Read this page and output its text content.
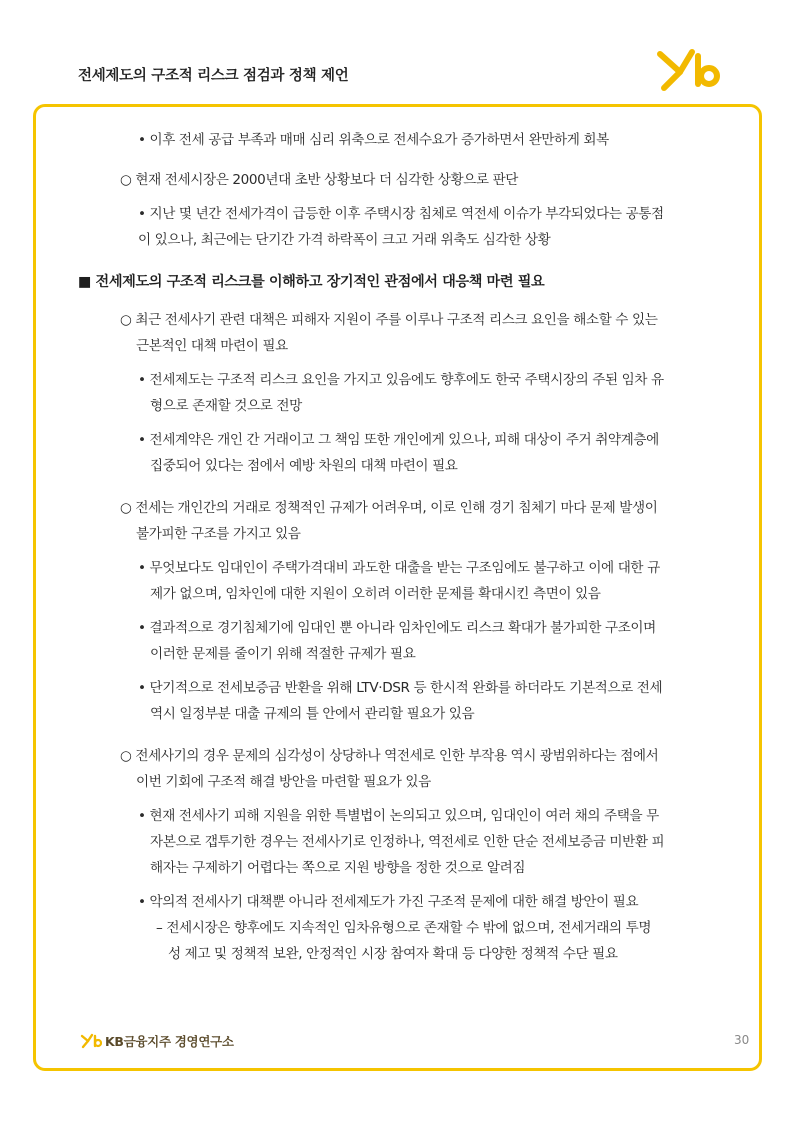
전세제도의 구조적 리스크 점검과 정책 제언
• 이후 전세 공급 부족과 매매 심리 위축으로 전세수요가 증가하면서 완만하게 회복
○ 현재 전세시장은 2000년대 초반 상황보다 더 심각한 상황으로 판단
• 지난 몇 년간 전세가격이 급등한 이후 주택시장 침체로 역전세 이슈가 부각되었다는 공통점
이 있으나, 최근에는 단기간 가격 하락폭이 크고 거래 위축도 심각한 상황
■ 전세제도의 구조적 리스크를 이해하고 장기적인 관점에서 대응책 마련 필요
○ 최근 전세사기 관련 대책은 피해자 지원이 주를 이루나 구조적 리스크 요인을 해소할 수 있는
근본적인 대책 마련이 필요
• 전세제도는 구조적 리스크 요인을 가지고 있음에도 향후에도 한국 주택시장의 주된 임차 유
형으로 존재할 것으로 전망
• 전세계약은 개인 간 거래이고 그 책임 또한 개인에게 있으나, 피해 대상이 주거 취약계층에
집중되어 있다는 점에서 예방 차원의 대책 마련이 필요
○ 전세는 개인간의 거래로 정책적인 규제가 어려우며, 이로 인해 경기 침체기 마다 문제 발생이
불가피한 구조를 가지고 있음
• 무엇보다도 임대인이 주택가격대비 과도한 대출을 받는 구조임에도 불구하고 이에 대한 규
제가 없으며, 임차인에 대한 지원이 오히려 이러한 문제를 확대시킨 측면이 있음
• 결과적으로 경기침체기에 임대인 뿐 아니라 임차인에도 리스크 확대가 불가피한 구조이며
이러한 문제를 줄이기 위해 적절한 규제가 필요
• 단기적으로 전세보증금 반환을 위해 LTV·DSR 등 한시적 완화를 하더라도 기본적으로 전세
역시 일정부분 대출 규제의 틀 안에서 관리할 필요가 있음
○ 전세사기의 경우 문제의 심각성이 상당하나 역전세로 인한 부작용 역시 광범위하다는 점에서
이번 기회에 구조적 해결 방안을 마련할 필요가 있음
• 현재 전세사기 피해 지원을 위한 특별법이 논의되고 있으며, 임대인이 여러 채의 주택을 무
자본으로 갭투기한 경우는 전세사기로 인정하나, 역전세로 인한 단순 전세보증금 미반환 피
해자는 구제하기 어렵다는 쪽으로 지원 방향을 정한 것으로 알려짐
• 악의적 전세사기 대책뿐 아니라 전세제도가 가진 구조적 문제에 대한 해결 방안이 필요
– 전세시장은 향후에도 지속적인 임차유형으로 존재할 수 밖에 없으며, 전세거래의 투명
성 제고 및 정책적 보완, 안정적인 시장 참여자 확대 등 다양한 정책적 수단 필요
KB금융지주 경영연구소	30
